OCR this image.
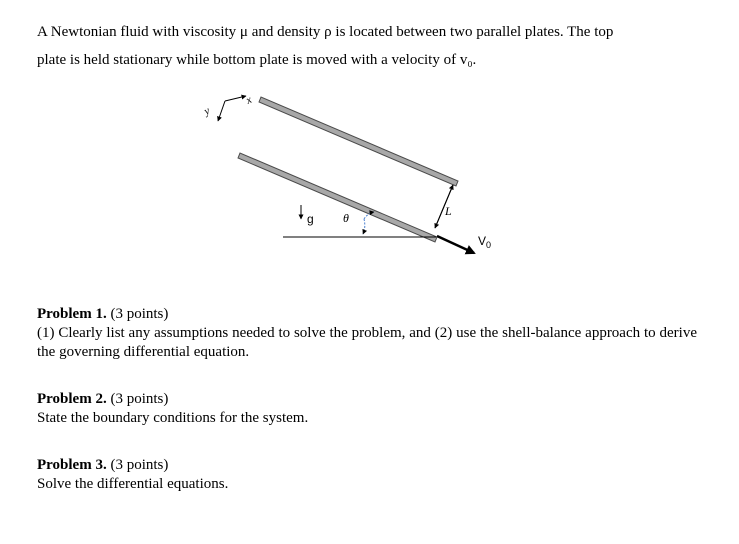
A Newtonian fluid with viscosity μ and density ρ is located between two parallel plates. The top
plate is held stationary while bottom plate is moved with a velocity of v₀.

x
y
g θ	L
$V_0$
Problem 1. (3 points)
(1) Clearly list any assumptions needed to solve the problem, and (2) use the shell-balance approach to derive the governing differential equation.
Problem 2. (3 points)
State the boundary conditions for the system.
Problem 3. (3 points)
Solve the differential equations.
